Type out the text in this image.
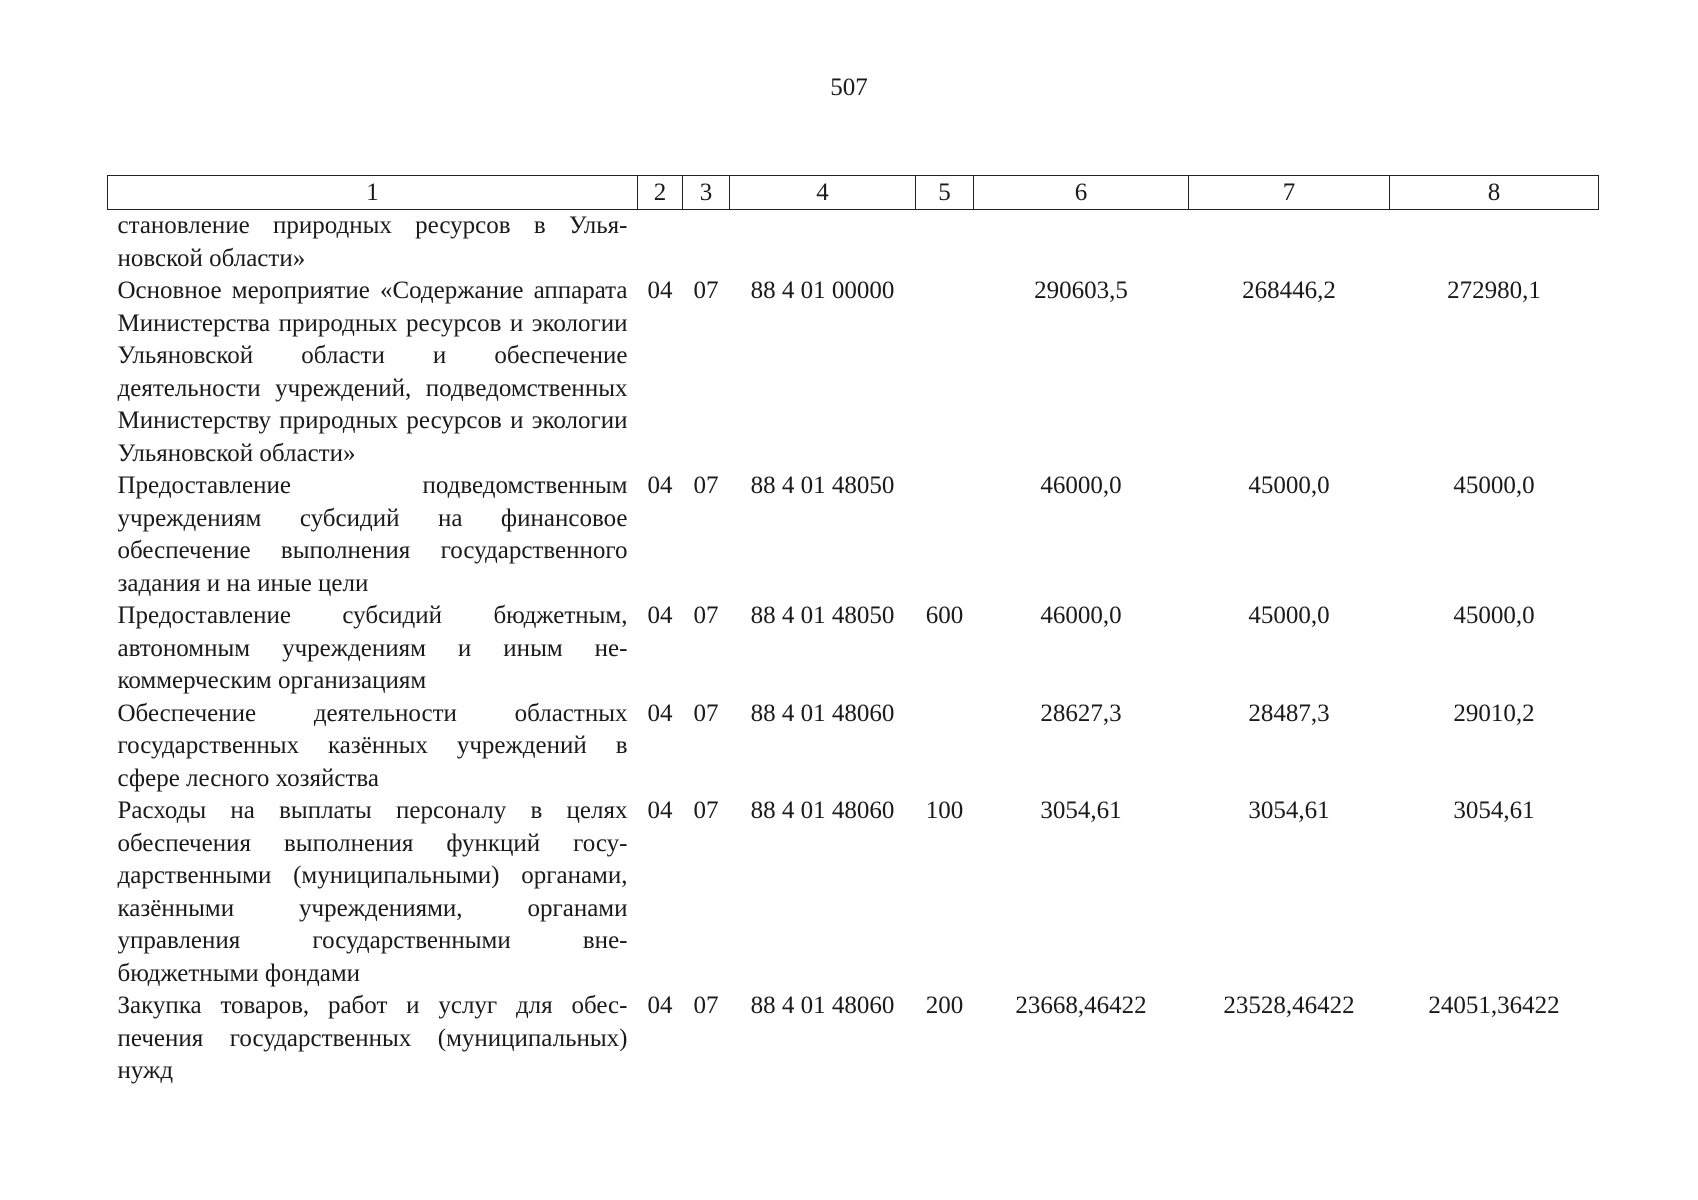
507
1	2	3	4	5	6	7	8
становление природных ресурсов в Ульяновской области»							
Основное мероприятие «Содержание аппарата Министерства природных ресурсов и экологии Ульяновской области и обеспечение деятельности учреждений, подведомственных Министерству природных ресурсов и экологии Ульяновской области»	04	07	88 4 01 00000		290603,5	268446,2	272980,1
Предоставление подведомственным учреждениям субсидий на финансовое обеспечение выполнения государственного задания и на иные цели	04	07	88 4 01 48050		46000,0	45000,0	45000,0
Предоставление субсидий бюджетным, автономным учреждениям и иным некоммерческим организациям	04	07	88 4 01 48050	600	46000,0	45000,0	45000,0
Обеспечение деятельности областных государственных казённых учреждений в сфере лесного хозяйства	04	07	88 4 01 48060		28627,3	28487,3	29010,2
Расходы на выплаты персоналу в целях обеспечения выполнения функций государственными (муниципальными) органами, казёнными учреждениями, органами управления государственными внебюджетными фондами	04	07	88 4 01 48060	100	3054,61	3054,61	3054,61
Закупка товаров, работ и услуг для обеспечения государственных (муниципальных) нужд	04	07	88 4 01 48060	200	23668,46422	23528,46422	24051,36422
